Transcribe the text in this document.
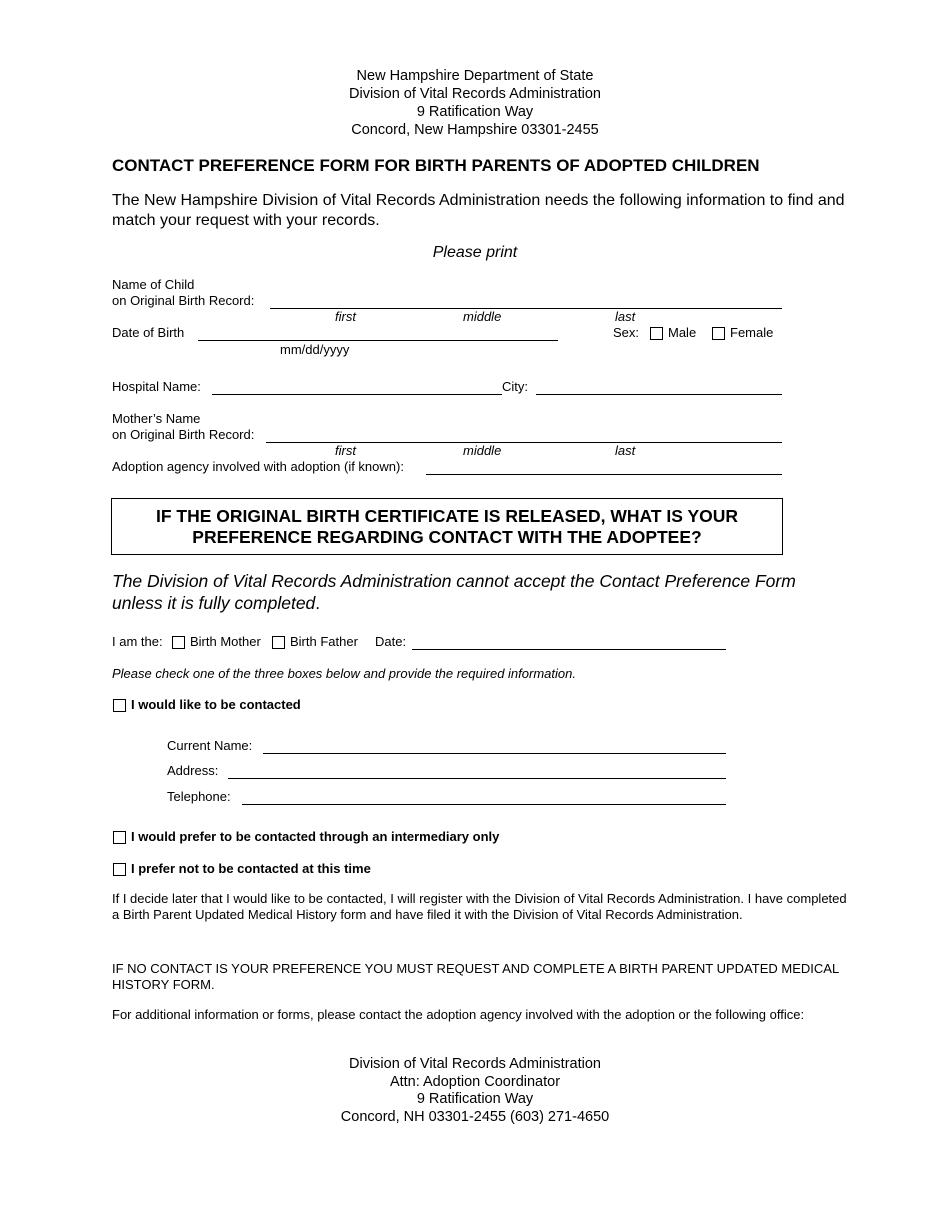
New Hampshire Department of State
Division of Vital Records Administration
9 Ratification Way
Concord, New Hampshire 03301-2455
CONTACT PREFERENCE FORM FOR BIRTH PARENTS OF ADOPTED CHILDREN
The New Hampshire Division of Vital Records Administration needs the following information to find and match your request with your records.
Please print
Name of Child
on Original Birth Record:
first	middle	last
Date of Birth
mm/dd/yyyy
Sex: Male	Female
Hospital Name:	City:
Mother’s Name
on Original Birth Record:
first	middle	last
Adoption agency involved with adoption (if known):
IF THE ORIGINAL BIRTH CERTIFICATE IS RELEASED, WHAT IS YOUR
PREFERENCE REGARDING CONTACT WITH THE ADOPTEE?
The Division of Vital Records Administration cannot accept the Contact Preference Form unless it is fully completed.
I am the: Birth Mother Birth Father Date:
Please check one of the three boxes below and provide the required information.
I would like to be contacted
Current Name:
Address:
Telephone:
I would prefer to be contacted through an intermediary only
I prefer not to be contacted at this time
If I decide later that I would like to be contacted, I will register with the Division of Vital Records Administration. I have completed a Birth Parent Updated Medical History form and have filed it with the Division of Vital Records Administration.
IF NO CONTACT IS YOUR PREFERENCE YOU MUST REQUEST AND COMPLETE A BIRTH PARENT UPDATED MEDICAL HISTORY FORM.
For additional information or forms, please contact the adoption agency involved with the adoption or the following office:
Division of Vital Records Administration
Attn: Adoption Coordinator
9 Ratification Way
Concord, NH 03301-2455 (603) 271-4650
